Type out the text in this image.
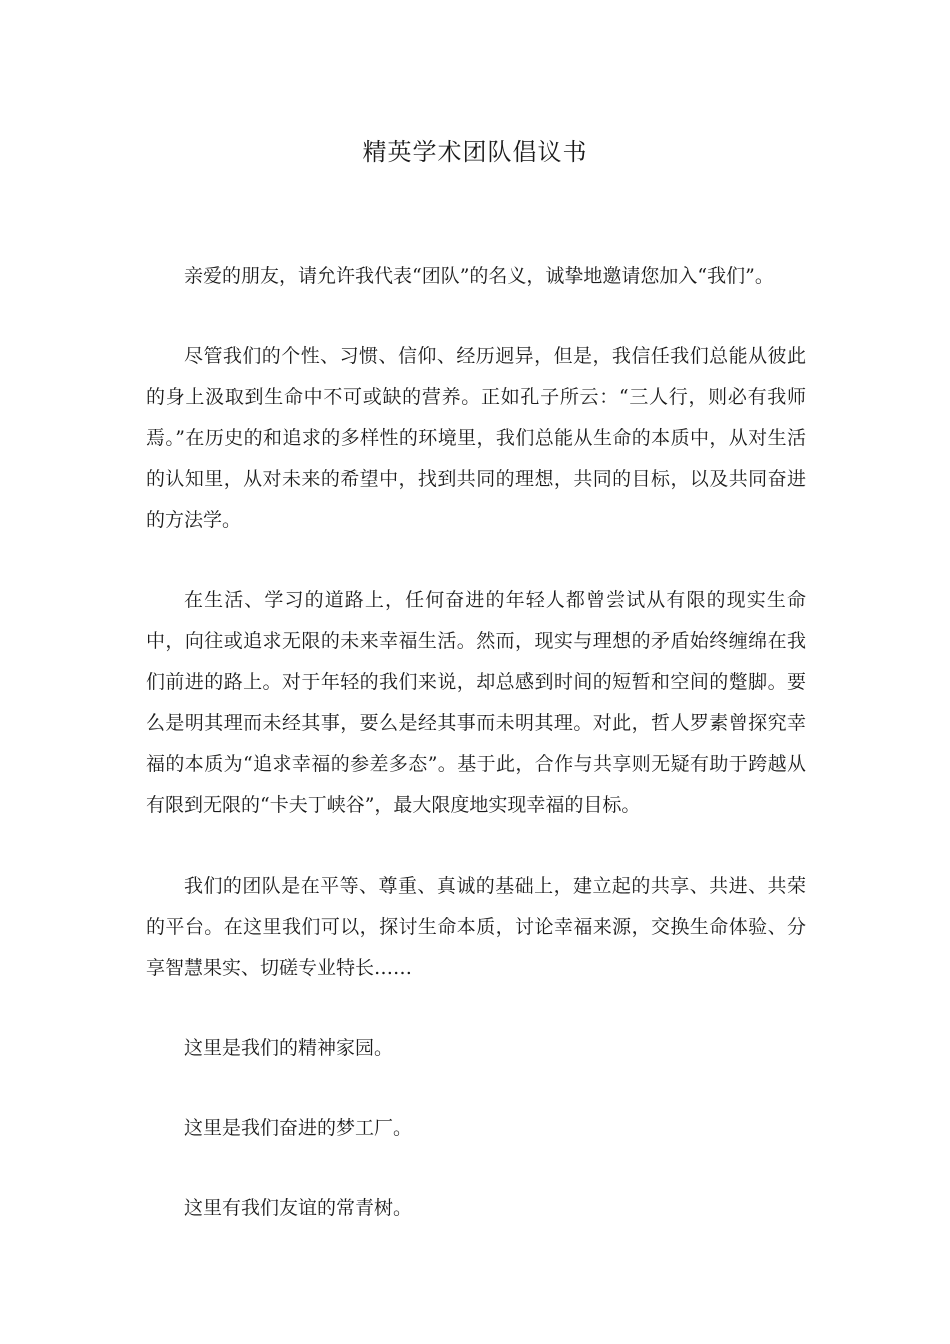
精英学术团队倡议书

亲爱的朋友，请允许我代表“团队”的名义，诚挚地邀请您加入“我们”。

尽管我们的个性、习惯、信仰、经历迥异，但是，我信任我们总能从彼此的身上汲取到生命中不可或缺的营养。正如孔子所云：“三人行，则必有我师焉。”在历史的和追求的多样性的环境里，我们总能从生命的本质中，从对生活的认知里，从对未来的希望中，找到共同的理想，共同的目标，以及共同奋进的方法学。

在生活、学习的道路上，任何奋进的年轻人都曾尝试从有限的现实生命中，向往或追求无限的未来幸福生活。然而，现实与理想的矛盾始终缠绵在我们前进的路上。对于年轻的我们来说，却总感到时间的短暂和空间的蹩脚。要么是明其理而未经其事，要么是经其事而未明其理。对此，哲人罗素曾探究幸福的本质为“追求幸福的参差多态”。基于此，合作与共享则无疑有助于跨越从有限到无限的“卡夫丁峡谷”，最大限度地实现幸福的目标。

我们的团队是在平等、尊重、真诚的基础上，建立起的共享、共进、共荣的平台。在这里我们可以，探讨生命本质，讨论幸福来源，交换生命体验、分享智慧果实、切磋专业特长……

这里是我们的精神家园。

这里是我们奋进的梦工厂。

这里有我们友谊的常青树。
